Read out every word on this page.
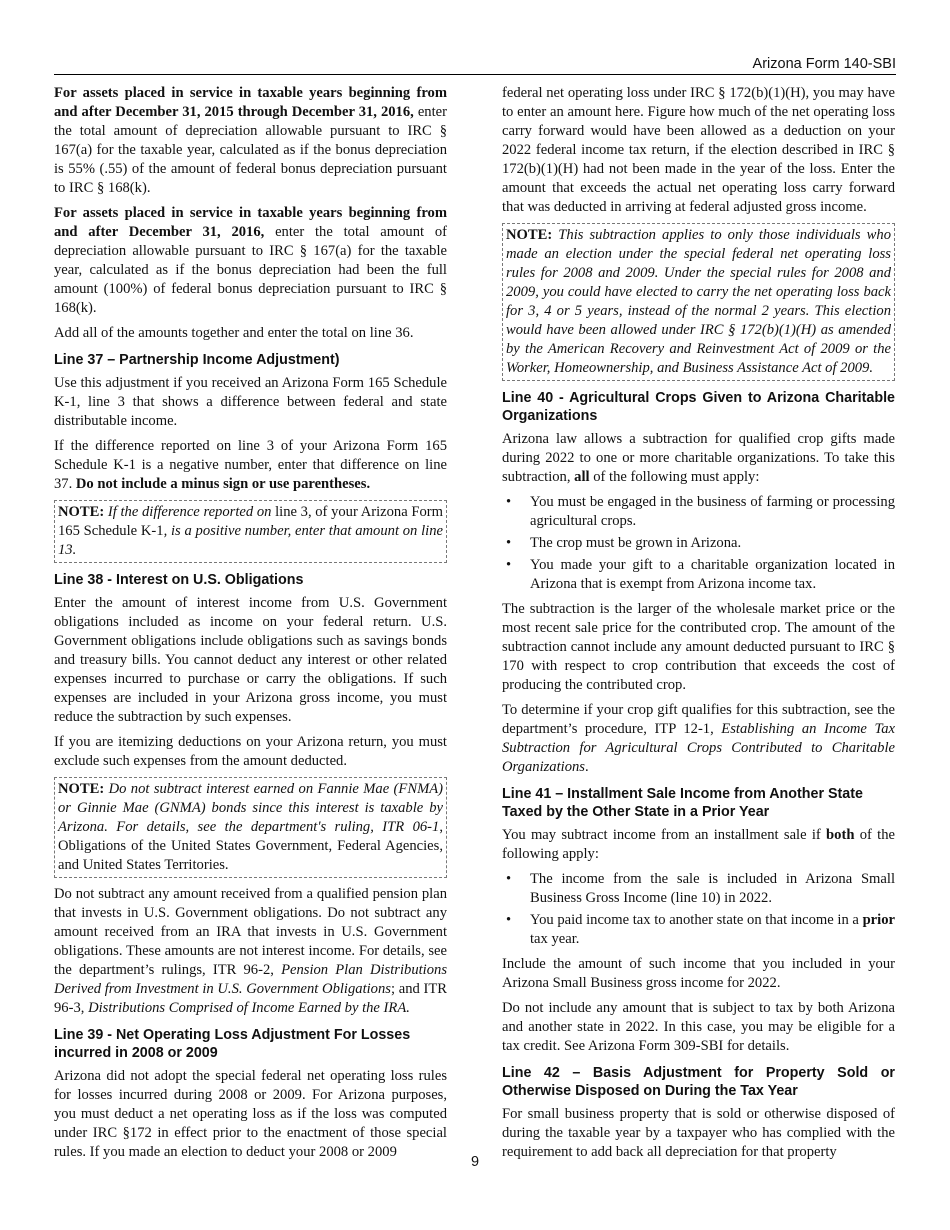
Arizona Form 140-SBI

For assets placed in service in taxable years beginning from and after December 31, 2015 through December 31, 2016, enter the total amount of depreciation allowable pursuant to IRC § 167(a) for the taxable year, calculated as if the bonus depreciation is 55% (.55) of the amount of federal bonus depreciation pursuant to IRC § 168(k).

For assets placed in service in taxable years beginning from and after December 31, 2016, enter the total amount of depreciation allowable pursuant to IRC § 167(a) for the taxable year, calculated as if the bonus depreciation had been the full amount (100%) of federal bonus depreciation pursuant to IRC § 168(k).

Add all of the amounts together and enter the total on line 36.

Line 37 – Partnership Income Adjustment)

Use this adjustment if you received an Arizona Form 165 Schedule K-1, line 3 that shows a difference between federal and state distributable income.

If the difference reported on line 3 of your Arizona Form 165 Schedule K-1 is a negative number, enter that difference on line 37. Do not include a minus sign or use parentheses.

NOTE: If the difference reported on line 3, of your Arizona Form 165 Schedule K-1, is a positive number, enter that amount on line 13.
Line 38 - Interest on U.S. Obligations

Enter the amount of interest income from U.S. Government obligations included as income on your federal return. U.S. Government obligations include obligations such as savings bonds and treasury bills. You cannot deduct any interest or other related expenses incurred to purchase or carry the obligations. If such expenses are included in your Arizona gross income, you must reduce the subtraction by such expenses.

If you are itemizing deductions on your Arizona return, you must exclude such expenses from the amount deducted.

NOTE: Do not subtract interest earned on Fannie Mae (FNMA) or Ginnie Mae (GNMA) bonds since this interest is taxable by Arizona. For details, see the department's ruling, ITR 06-1, Obligations of the United States Government, Federal Agencies, and United States Territories.

Do not subtract any amount received from a qualified pension plan that invests in U.S. Government obligations. Do not subtract any amount received from an IRA that invests in U.S. Government obligations. These amounts are not interest income. For details, see the department’s rulings, ITR 96-2, Pension Plan Distributions Derived from Investment in U.S. Government Obligations; and ITR 96-3, Distributions Comprised of Income Earned by the IRA.

Line 39 - Net Operating Loss Adjustment For Losses incurred in 2008 or 2009

Arizona did not adopt the special federal net operating loss rules for losses incurred during 2008 or 2009. For Arizona purposes, you must deduct a net operating loss as if the loss was computed under IRC §172 in effect prior to the enactment of those special rules. If you made an election to deduct your 2008 or 2009

federal net operating loss under IRC § 172(b)(1)(H), you may have to enter an amount here. Figure how much of the net operating loss carry forward would have been allowed as a deduction on your 2022 federal income tax return, if the election described in IRC § 172(b)(1)(H) had not been made in the year of the loss. Enter the amount that exceeds the actual net operating loss carry forward that was deducted in arriving at federal adjusted gross income.

NOTE: This subtraction applies to only those individuals who made an election under the special federal net operating loss rules for 2008 and 2009. Under the special rules for 2008 and 2009, you could have elected to carry the net operating loss back for 3, 4 or 5 years, instead of the normal 2 years. This election would have been allowed under IRC § 172(b)(1)(H) as amended by the American Recovery and Reinvestment Act of 2009 or the Worker, Homeownership, and Business Assistance Act of 2009.
Line 40 - Agricultural Crops Given to Arizona Charitable Organizations

Arizona law allows a subtraction for qualified crop gifts made during 2022 to one or more charitable organizations. To take this subtraction, all of the following must apply:

• You must be engaged in the business of farming or processing agricultural crops.
• The crop must be grown in Arizona.
• You made your gift to a charitable organization located in Arizona that is exempt from Arizona income tax.

The subtraction is the larger of the wholesale market price or the most recent sale price for the contributed crop. The amount of the subtraction cannot include any amount deducted pursuant to IRC § 170 with respect to crop contribution that exceeds the cost of producing the contributed crop.

To determine if your crop gift qualifies for this subtraction, see the department’s procedure, ITP 12-1, Establishing an Income Tax Subtraction for Agricultural Crops Contributed to Charitable Organizations.

Line 41 – Installment Sale Income from Another State Taxed by the Other State in a Prior Year

You may subtract income from an installment sale if both of the following apply:

• The income from the sale is included in Arizona Small Business Gross Income (line 10) in 2022.
• You paid income tax to another state on that income in a prior tax year.

Include the amount of such income that you included in your Arizona Small Business gross income for 2022.

Do not include any amount that is subject to tax by both Arizona and another state in 2022. In this case, you may be eligible for a tax credit. See Arizona Form 309-SBI for details.

Line 42 – Basis Adjustment for Property Sold or Otherwise Disposed on During the Tax Year

For small business property that is sold or otherwise disposed of during the taxable year by a taxpayer who has complied with the requirement to add back all depreciation for that property

9
